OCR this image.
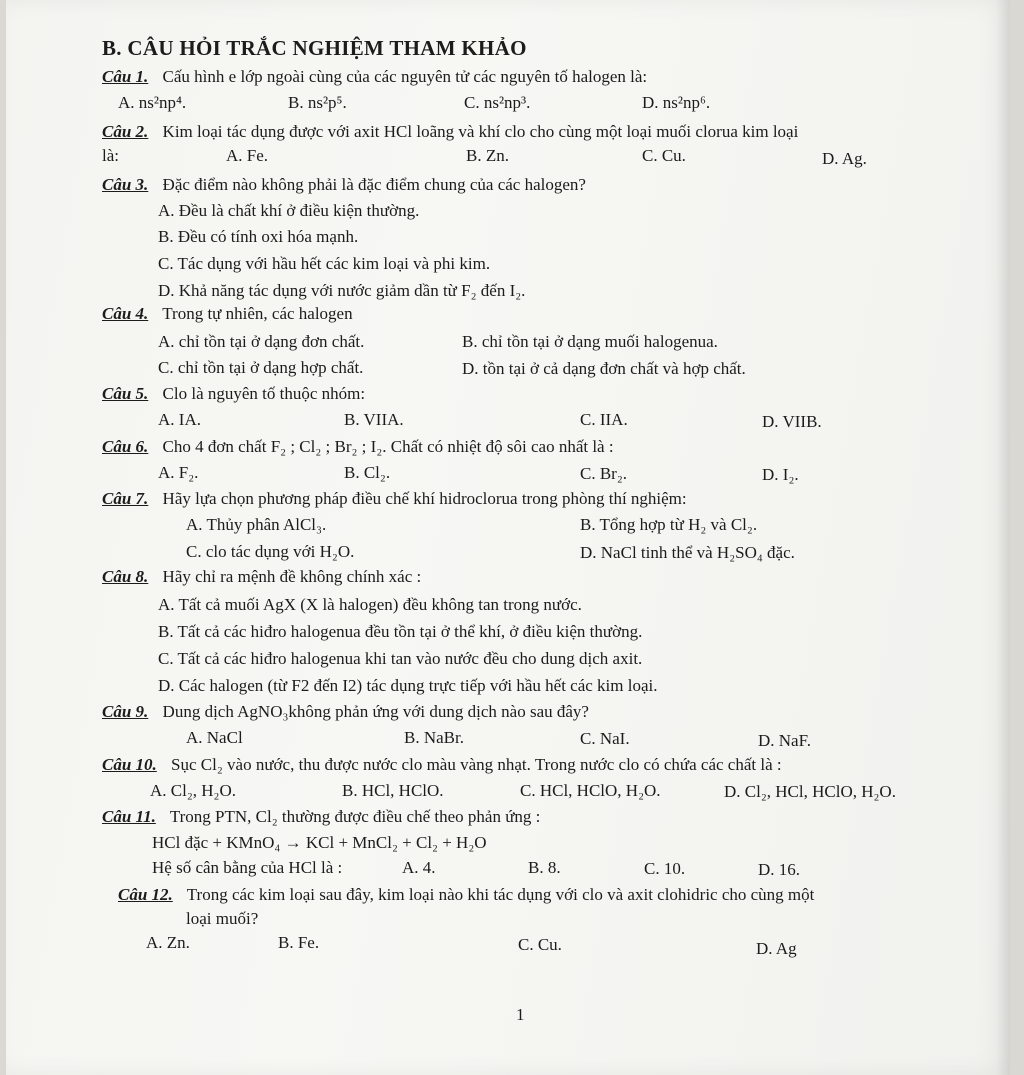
B. CÂU HỎI TRẮC NGHIỆM THAM KHẢO
Câu 1. Cấu hình e lớp ngoài cùng của các nguyên tử các nguyên tố halogen là:
A. ns²np⁴.	B. ns²p⁵.	C. ns²np³.	D. ns²np⁶.
Câu 2. Kim loại tác dụng được với axit HCl loãng và khí clo cho cùng một loại muối clorua kim loại
là:	A. Fe.	B. Zn.	C. Cu.	D. Ag.
Câu 3. Đặc điểm nào không phải là đặc điểm chung của các halogen?
A. Đều là chất khí ở điều kiện thường.
B. Đều có tính oxi hóa mạnh.
C. Tác dụng với hầu hết các kim loại và phi kim.
D. Khả năng tác dụng với nước giảm dần từ F₂ đến I₂.
Câu 4. Trong tự nhiên, các halogen
A. chỉ tồn tại ở dạng đơn chất.	B. chỉ tồn tại ở dạng muối halogenua.
C. chỉ tồn tại ở dạng hợp chất.	D. tồn tại ở cả dạng đơn chất và hợp chất.
Câu 5. Clo là nguyên tố thuộc nhóm:
A. IA.	B. VIIA.	C. IIA.	D. VIIB.
Câu 6. Cho 4 đơn chất F₂ ; Cl₂ ; Br₂ ; I₂. Chất có nhiệt độ sôi cao nhất là :
A. F₂.	B. Cl₂.	C. Br₂.	D. I₂.
Câu 7. Hãy lựa chọn phương pháp điều chế khí hidroclorua trong phòng thí nghiệm:
A. Thủy phân AlCl₃.	B. Tổng hợp từ H₂ và Cl₂.
C. clo tác dụng với H₂O.	D. NaCl tinh thể và H₂SO₄ đặc.
Câu 8. Hãy chỉ ra mệnh đề không chính xác :
A. Tất cả muối AgX (X là halogen) đều không tan trong nước.
B. Tất cả các hiđro halogenua đều tồn tại ở thể khí, ở điều kiện thường.
C. Tất cả các hiđro halogenua khi tan vào nước đều cho dung dịch axit.
D. Các halogen (từ F2 đến I2) tác dụng trực tiếp với hầu hết các kim loại.
Câu 9. Dung dịch AgNO₃không phản ứng với dung dịch nào sau đây?
A. NaCl	B. NaBr.	C. NaI.	D. NaF.
Câu 10. Sục Cl₂ vào nước, thu được nước clo màu vàng nhạt. Trong nước clo có chứa các chất là :
A. Cl₂, H₂O.	B. HCl, HClO.	C. HCl, HClO, H₂O.	D. Cl₂, HCl, HClO, H₂O.
Câu 11. Trong PTN, Cl₂ thường được điều chế theo phản ứng :
HCl đặc + KMnO₄ → KCl + MnCl₂ + Cl₂ + H₂O
Hệ số cân bằng của HCl là :	A. 4.	B. 8.	C. 10.	D. 16.
Câu 12. Trong các kim loại sau đây, kim loại nào khi tác dụng với clo và axit clohidric cho cùng một
loại muối?
A. Zn.	B. Fe.	C. Cu.	D. Ag
1
